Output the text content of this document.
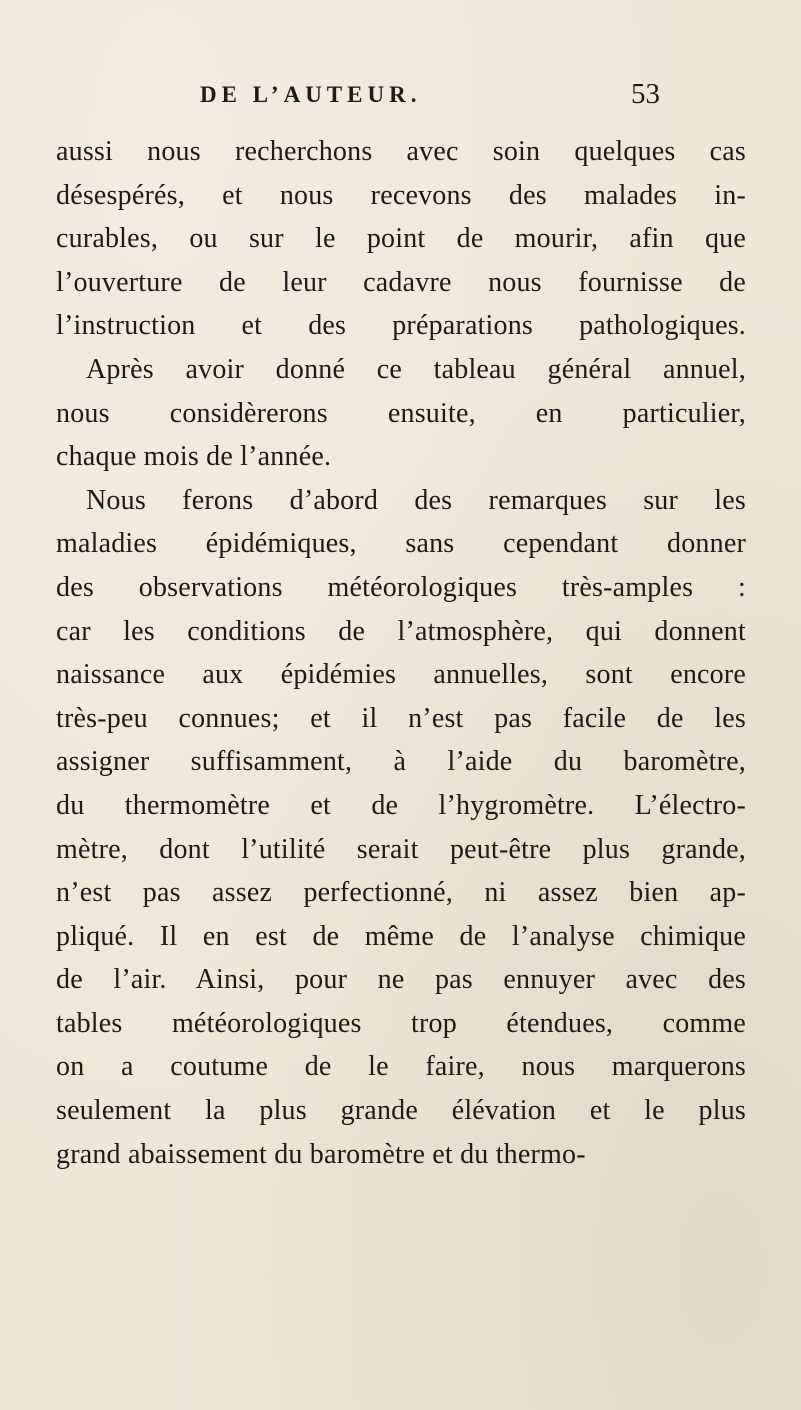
DE L’AUTEUR.	53
aussi nous recherchons avec soin quelques cas
désespérés, et nous recevons des malades in-
curables, ou sur le point de mourir, afin que
l’ouverture de leur cadavre nous fournisse de
l’instruction et des préparations pathologiques.
Après avoir donné ce tableau général annuel,
nous considèrerons ensuite, en particulier,
chaque mois de l’année.
Nous ferons d’abord des remarques sur les
maladies épidémiques, sans cependant donner
des observations météorologiques très-amples :
car les conditions de l’atmosphère, qui donnent
naissance aux épidémies annuelles, sont encore
très-peu connues; et il n’est pas facile de les
assigner suffisamment, à l’aide du baromètre,
du thermomètre et de l’hygromètre. L’électro-
mètre, dont l’utilité serait peut-être plus grande,
n’est pas assez perfectionné, ni assez bien ap-
pliqué. Il en est de même de l’analyse chimique
de l’air. Ainsi, pour ne pas ennuyer avec des
tables météorologiques trop étendues, comme
on a coutume de le faire, nous marquerons
seulement la plus grande élévation et le plus
grand abaissement du baromètre et du thermo-
